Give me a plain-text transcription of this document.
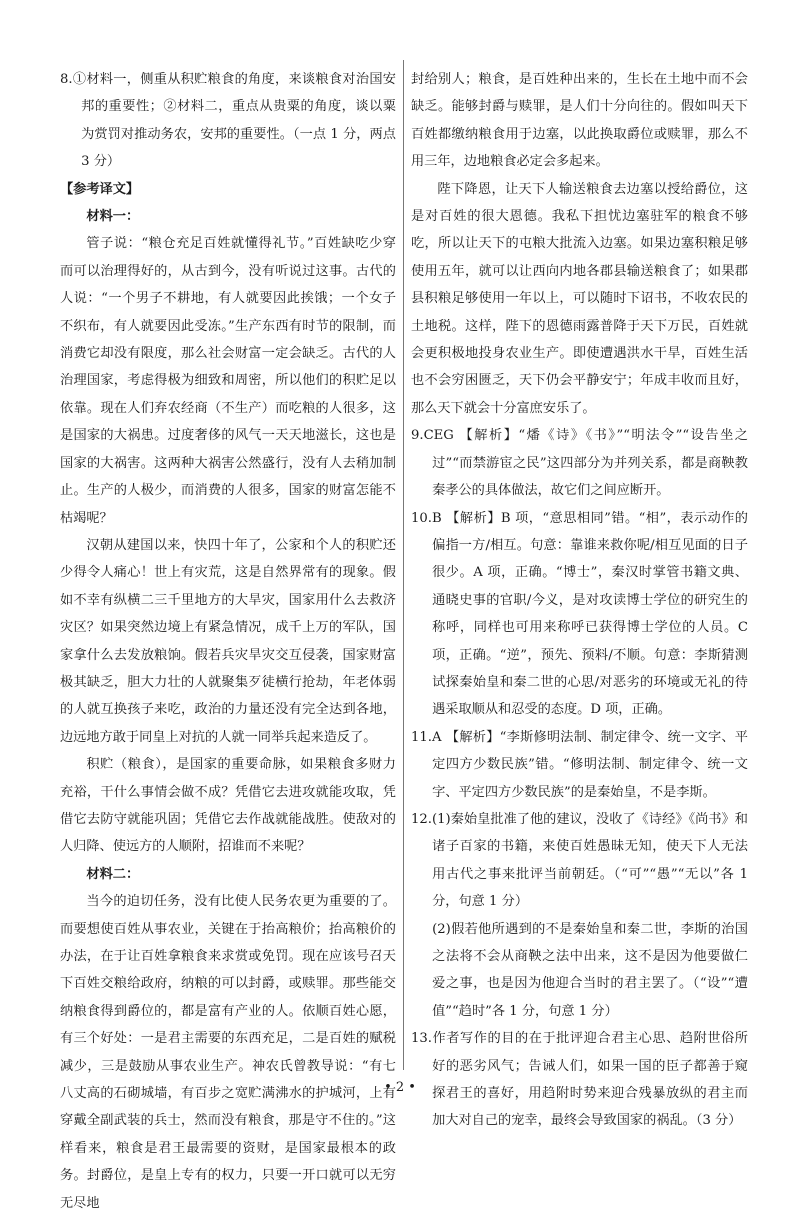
8.①材料一，侧重从积贮粮食的角度，来谈粮食对治国安邦的重要性；②材料二，重点从贵粟的角度，谈以粟为赏罚对推动务农，安邦的重要性。（一点 1 分，两点 3 分）

【参考译文】

材料一：

管子说：“粮仓充足百姓就懂得礼节。”百姓缺吃少穿而可以治理得好的，从古到今，没有听说过这事。古代的人说：“一个男子不耕地，有人就要因此挨饿；一个女子不织布，有人就要因此受冻。”生产东西有时节的限制，而消费它却没有限度，那么社会财富一定会缺乏。古代的人治理国家，考虑得极为细致和周密，所以他们的积贮足以依靠。现在人们弃农经商（不生产）而吃粮的人很多，这是国家的大祸患。过度奢侈的风气一天天地滋长，这也是国家的大祸害。这两种大祸害公然盛行，没有人去稍加制止。生产的人极少，而消费的人很多，国家的财富怎能不枯竭呢？

汉朝从建国以来，快四十年了，公家和个人的积贮还少得令人痛心！世上有灾荒，这是自然界常有的现象。假如不幸有纵横二三千里地方的大旱灾，国家用什么去救济灾区？如果突然边境上有紧急情况，成千上万的军队，国家拿什么去发放粮饷。假若兵灾旱灾交互侵袭，国家财富极其缺乏，胆大力壮的人就聚集歹徒横行抢劫，年老体弱的人就互换孩子来吃，政治的力量还没有完全达到各地，边远地方敢于同皇上对抗的人就一同举兵起来造反了。

积贮（粮食），是国家的重要命脉，如果粮食多财力充裕，干什么事情会做不成？凭借它去进攻就能攻取，凭借它去防守就能巩固；凭借它去作战就能战胜。使敌对的人归降、使远方的人顺附，招谁而不来呢？

材料二：

当今的迫切任务，没有比使人民务农更为重要的了。而要想使百姓从事农业，关键在于抬高粮价；抬高粮价的办法，在于让百姓拿粮食来求赏或免罚。现在应该号召天下百姓交粮给政府，纳粮的可以封爵，或赎罪。那些能交纳粮食得到爵位的，都是富有产业的人。依顺百姓心愿，有三个好处：一是君主需要的东西充足，二是百姓的赋税减少，三是鼓励从事农业生产。神农氏曾教导说：“有七八丈高的石砌城墙，有百步之宽贮满沸水的护城河，上有穿戴全副武装的兵士，然而没有粮食，那是守不住的。”这样看来，粮食是君王最需要的资财，是国家最根本的政务。封爵位，是皇上专有的权力，只要一开口就可以无穷无尽地

封给别人；粮食，是百姓种出来的，生长在土地中而不会缺乏。能够封爵与赎罪，是人们十分向往的。假如叫天下百姓都缴纳粮食用于边塞，以此换取爵位或赎罪，那么不用三年，边地粮食必定会多起来。

陛下降恩，让天下人输送粮食去边塞以授给爵位，这是对百姓的很大恩德。我私下担忧边塞驻军的粮食不够吃，所以让天下的屯粮大批流入边塞。如果边塞积粮足够使用五年，就可以让西向内地各郡县输送粮食了；如果郡县积粮足够使用一年以上，可以随时下诏书，不收农民的土地税。这样，陛下的恩德雨露普降于天下万民，百姓就会更积极地投身农业生产。即使遭遇洪水干旱，百姓生活也不会穷困匮乏，天下仍会平静安宁；年成丰收而且好，那么天下就会十分富庶安乐了。

9.CEG 【解析】“燔《诗》《书》”“明法令”“设告坐之过”“而禁游宦之民”这四部分为并列关系，都是商鞅教秦孝公的具体做法，故它们之间应断开。

10.B 【解析】B 项，“意思相同”错。“相”，表示动作的偏指一方/相互。句意：靠谁来救你呢/相互见面的日子很少。A 项，正确。“博士”，秦汉时掌管书籍文典、通晓史事的官职/今义，是对攻读博士学位的研究生的称呼，同样也可用来称呼已获得博士学位的人员。C 项，正确。“逆”，预先、预料/不顺。句意：李斯猜测试探秦始皇和秦二世的心思/对恶劣的环境或无礼的待遇采取顺从和忍受的态度。D 项，正确。

11.A 【解析】“李斯修明法制、制定律令、统一文字、平定四方少数民族”错。“修明法制、制定律令、统一文字、平定四方少数民族”的是秦始皇，不是李斯。

12.(1)秦始皇批准了他的建议，没收了《诗经》《尚书》和诸子百家的书籍，来使百姓愚昧无知，使天下人无法用古代之事来批评当前朝廷。（“可”“愚”“无以”各 1 分，句意 1 分）

(2)假若他所遇到的不是秦始皇和秦二世，李斯的治国之法将不会从商鞅之法中出来，这不是因为他要做仁爱之事，也是因为他迎合当时的君主罢了。（“设”“遭值”“趋时”各 1 分，句意 1 分）

13.作者写作的目的在于批评迎合君主心思、趋附世俗所好的恶劣风气；告诫人们，如果一国的臣子都善于窥探君王的喜好，用趋附时势来迎合残暴放纵的君主而加大对自己的宠幸，最终会导致国家的祸乱。（3 分）

• 2 •
